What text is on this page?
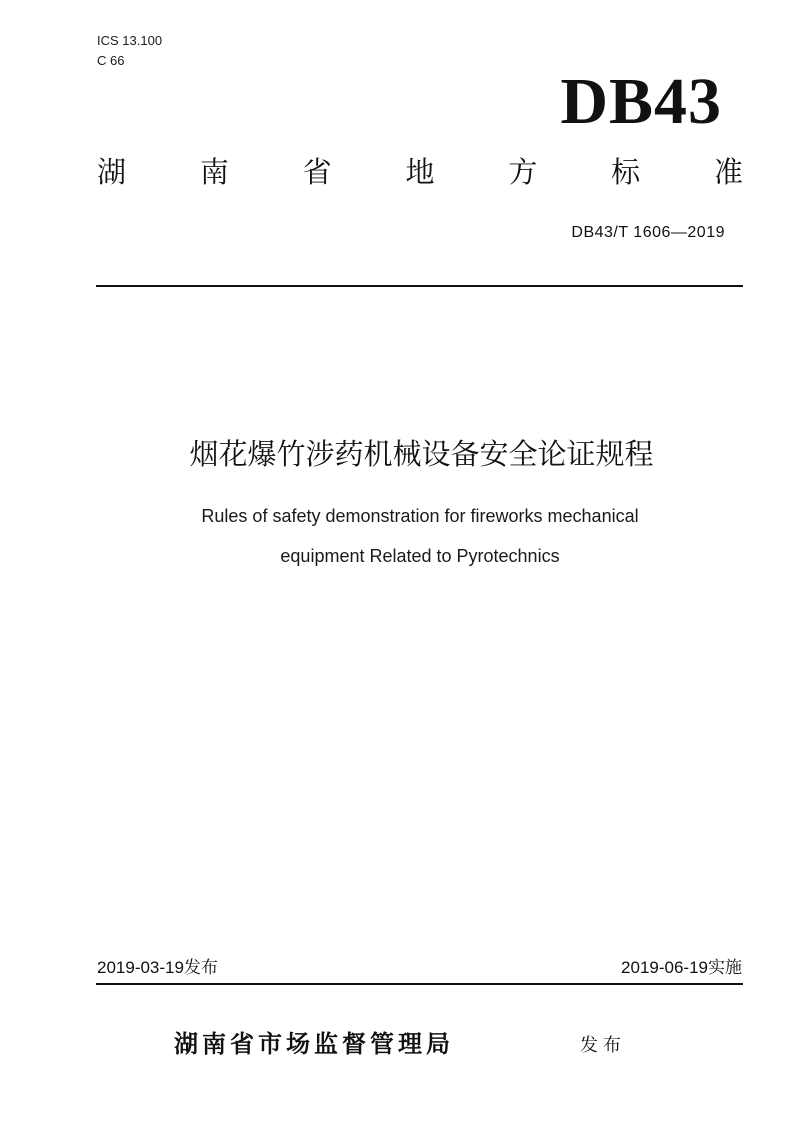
ICS 13.100
C 66
DB43
湖	南	省	地	方	标	准
DB43/T 1606—2019
烟花爆竹涉药机械设备安全论证规程
Rules of safety demonstration for fireworks mechanical
equipment Related to Pyrotechnics
2019-03-19发布	2019-06-19实施
湖南省市场监督管理局	发布
